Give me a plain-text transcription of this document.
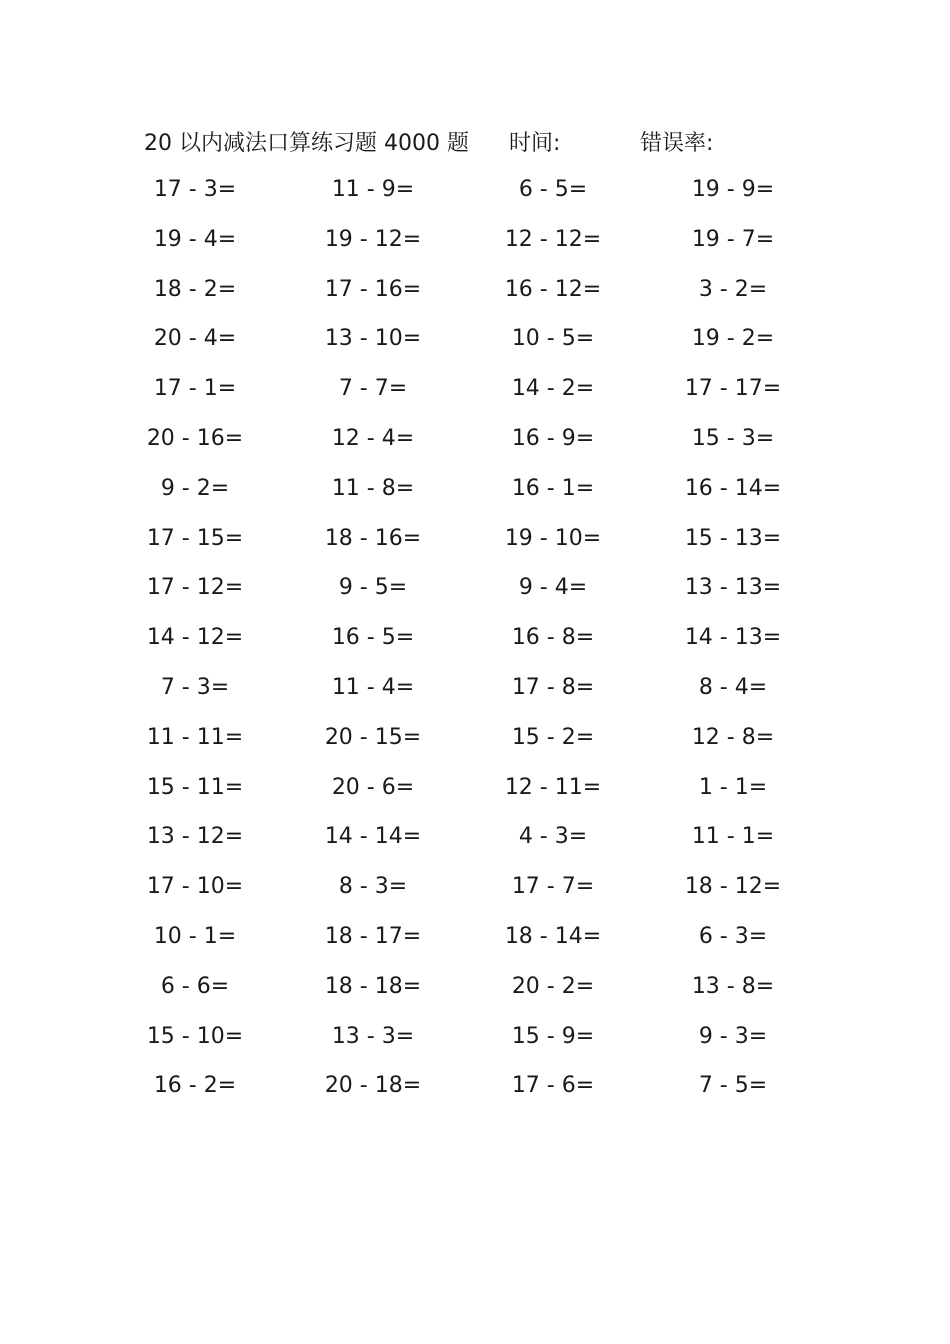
20 以内减法口算练习题 4000 题 时间:	错误率:
17 - 3=	11 - 9=	6 - 5=	19 - 9=
19 - 4=	19 - 12=	12 - 12=	19 - 7=
18 - 2=	17 - 16=	16 - 12=	3 - 2=
20 - 4=	13 - 10=	10 - 5=	19 - 2=
17 - 1=	7 - 7=	14 - 2=	17 - 17=
20 - 16=	12 - 4=	16 - 9=	15 - 3=
9 - 2=	11 - 8=	16 - 1=	16 - 14=
17 - 15=	18 - 16=	19 - 10=	15 - 13=
17 - 12=	9 - 5=	9 - 4=	13 - 13=
14 - 12=	16 - 5=	16 - 8=	14 - 13=
7 - 3=	11 - 4=	17 - 8=	8 - 4=
11 - 11=	20 - 15=	15 - 2=	12 - 8=
15 - 11=	20 - 6=	12 - 11=	1 - 1=
13 - 12=	14 - 14=	4 - 3=	11 - 1=
17 - 10=	8 - 3=	17 - 7=	18 - 12=
10 - 1=	18 - 17=	18 - 14=	6 - 3=
6 - 6=	18 - 18=	20 - 2=	13 - 8=
15 - 10=	13 - 3=	15 - 9=	9 - 3=
16 - 2=	20 - 18=	17 - 6=	7 - 5=
